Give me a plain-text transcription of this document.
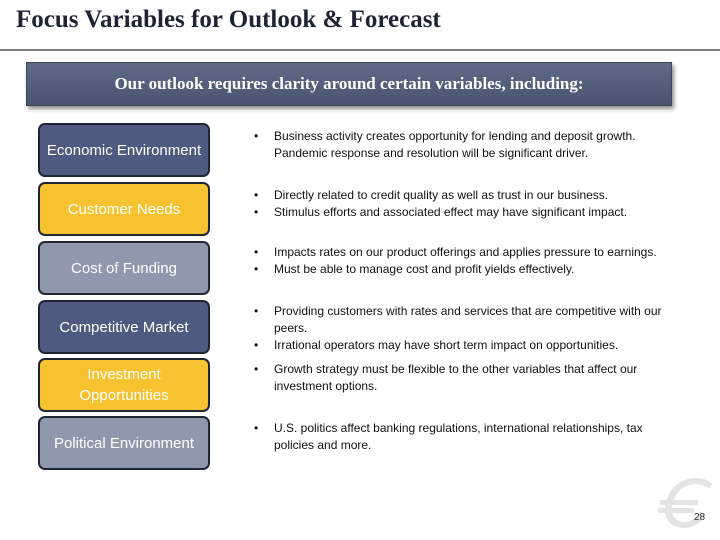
Focus Variables for Outlook & Forecast
Our outlook requires clarity around certain variables, including:
Economic Environment
Customer Needs
Cost of Funding
Competitive Market
Investment Opportunities
Political Environment
• Business activity creates opportunity for lending and deposit growth. Pandemic response and resolution will be significant driver.
• Directly related to credit quality as well as trust in our business.
• Stimulus efforts and associated effect may have significant impact.
• Impacts rates on our product offerings and applies pressure to earnings.
• Must be able to manage cost and profit yields effectively.
• Providing customers with rates and services that are competitive with our peers.
• Irrational operators may have short term impact on opportunities.
• Growth strategy must be flexible to the other variables that affect our investment options.
• U.S. politics affect banking regulations, international relationships, tax policies and more.
28
